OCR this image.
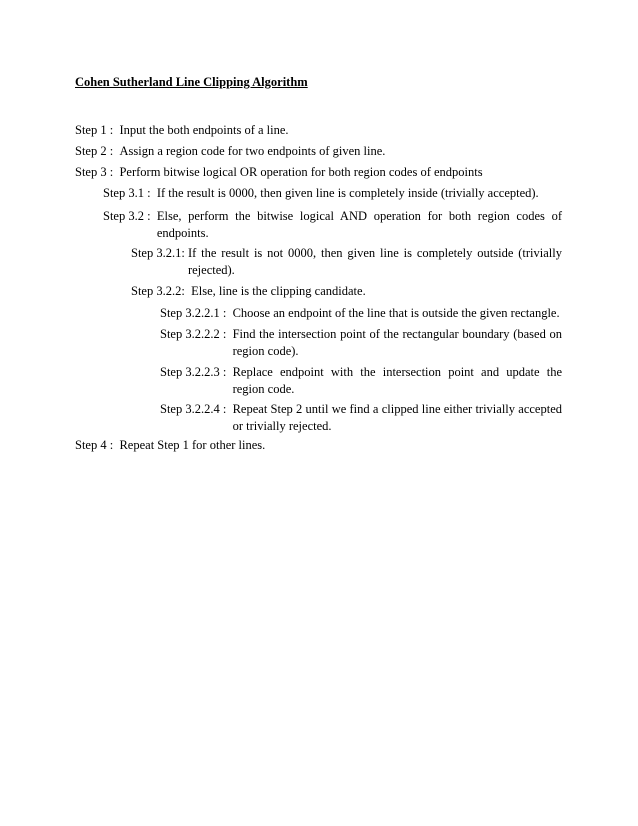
Cohen Sutherland Line Clipping Algorithm
Step 1 : Input the both endpoints of a line.
Step 2 : Assign a region code for two endpoints of given line.
Step 3 : Perform bitwise logical OR operation for both region codes of endpoints
Step 3.1 : If the result is 0000, then given line is completely inside (trivially accepted).
Step 3.2 : Else, perform the bitwise logical AND operation for both region codes of endpoints.
Step 3.2.1 : If the result is not 0000, then given line is completely outside (trivially rejected).
Step 3.2.2 : Else, line is the clipping candidate.
Step 3.2.2.1 : Choose an endpoint of the line that is outside the given rectangle.
Step 3.2.2.2 : Find the intersection point of the rectangular boundary (based on region code).
Step 3.2.2.3 : Replace endpoint with the intersection point and update the region code.
Step 3.2.2.4 : Repeat Step 2 until we find a clipped line either trivially accepted or trivially rejected.
Step 4 : Repeat Step 1 for other lines.
